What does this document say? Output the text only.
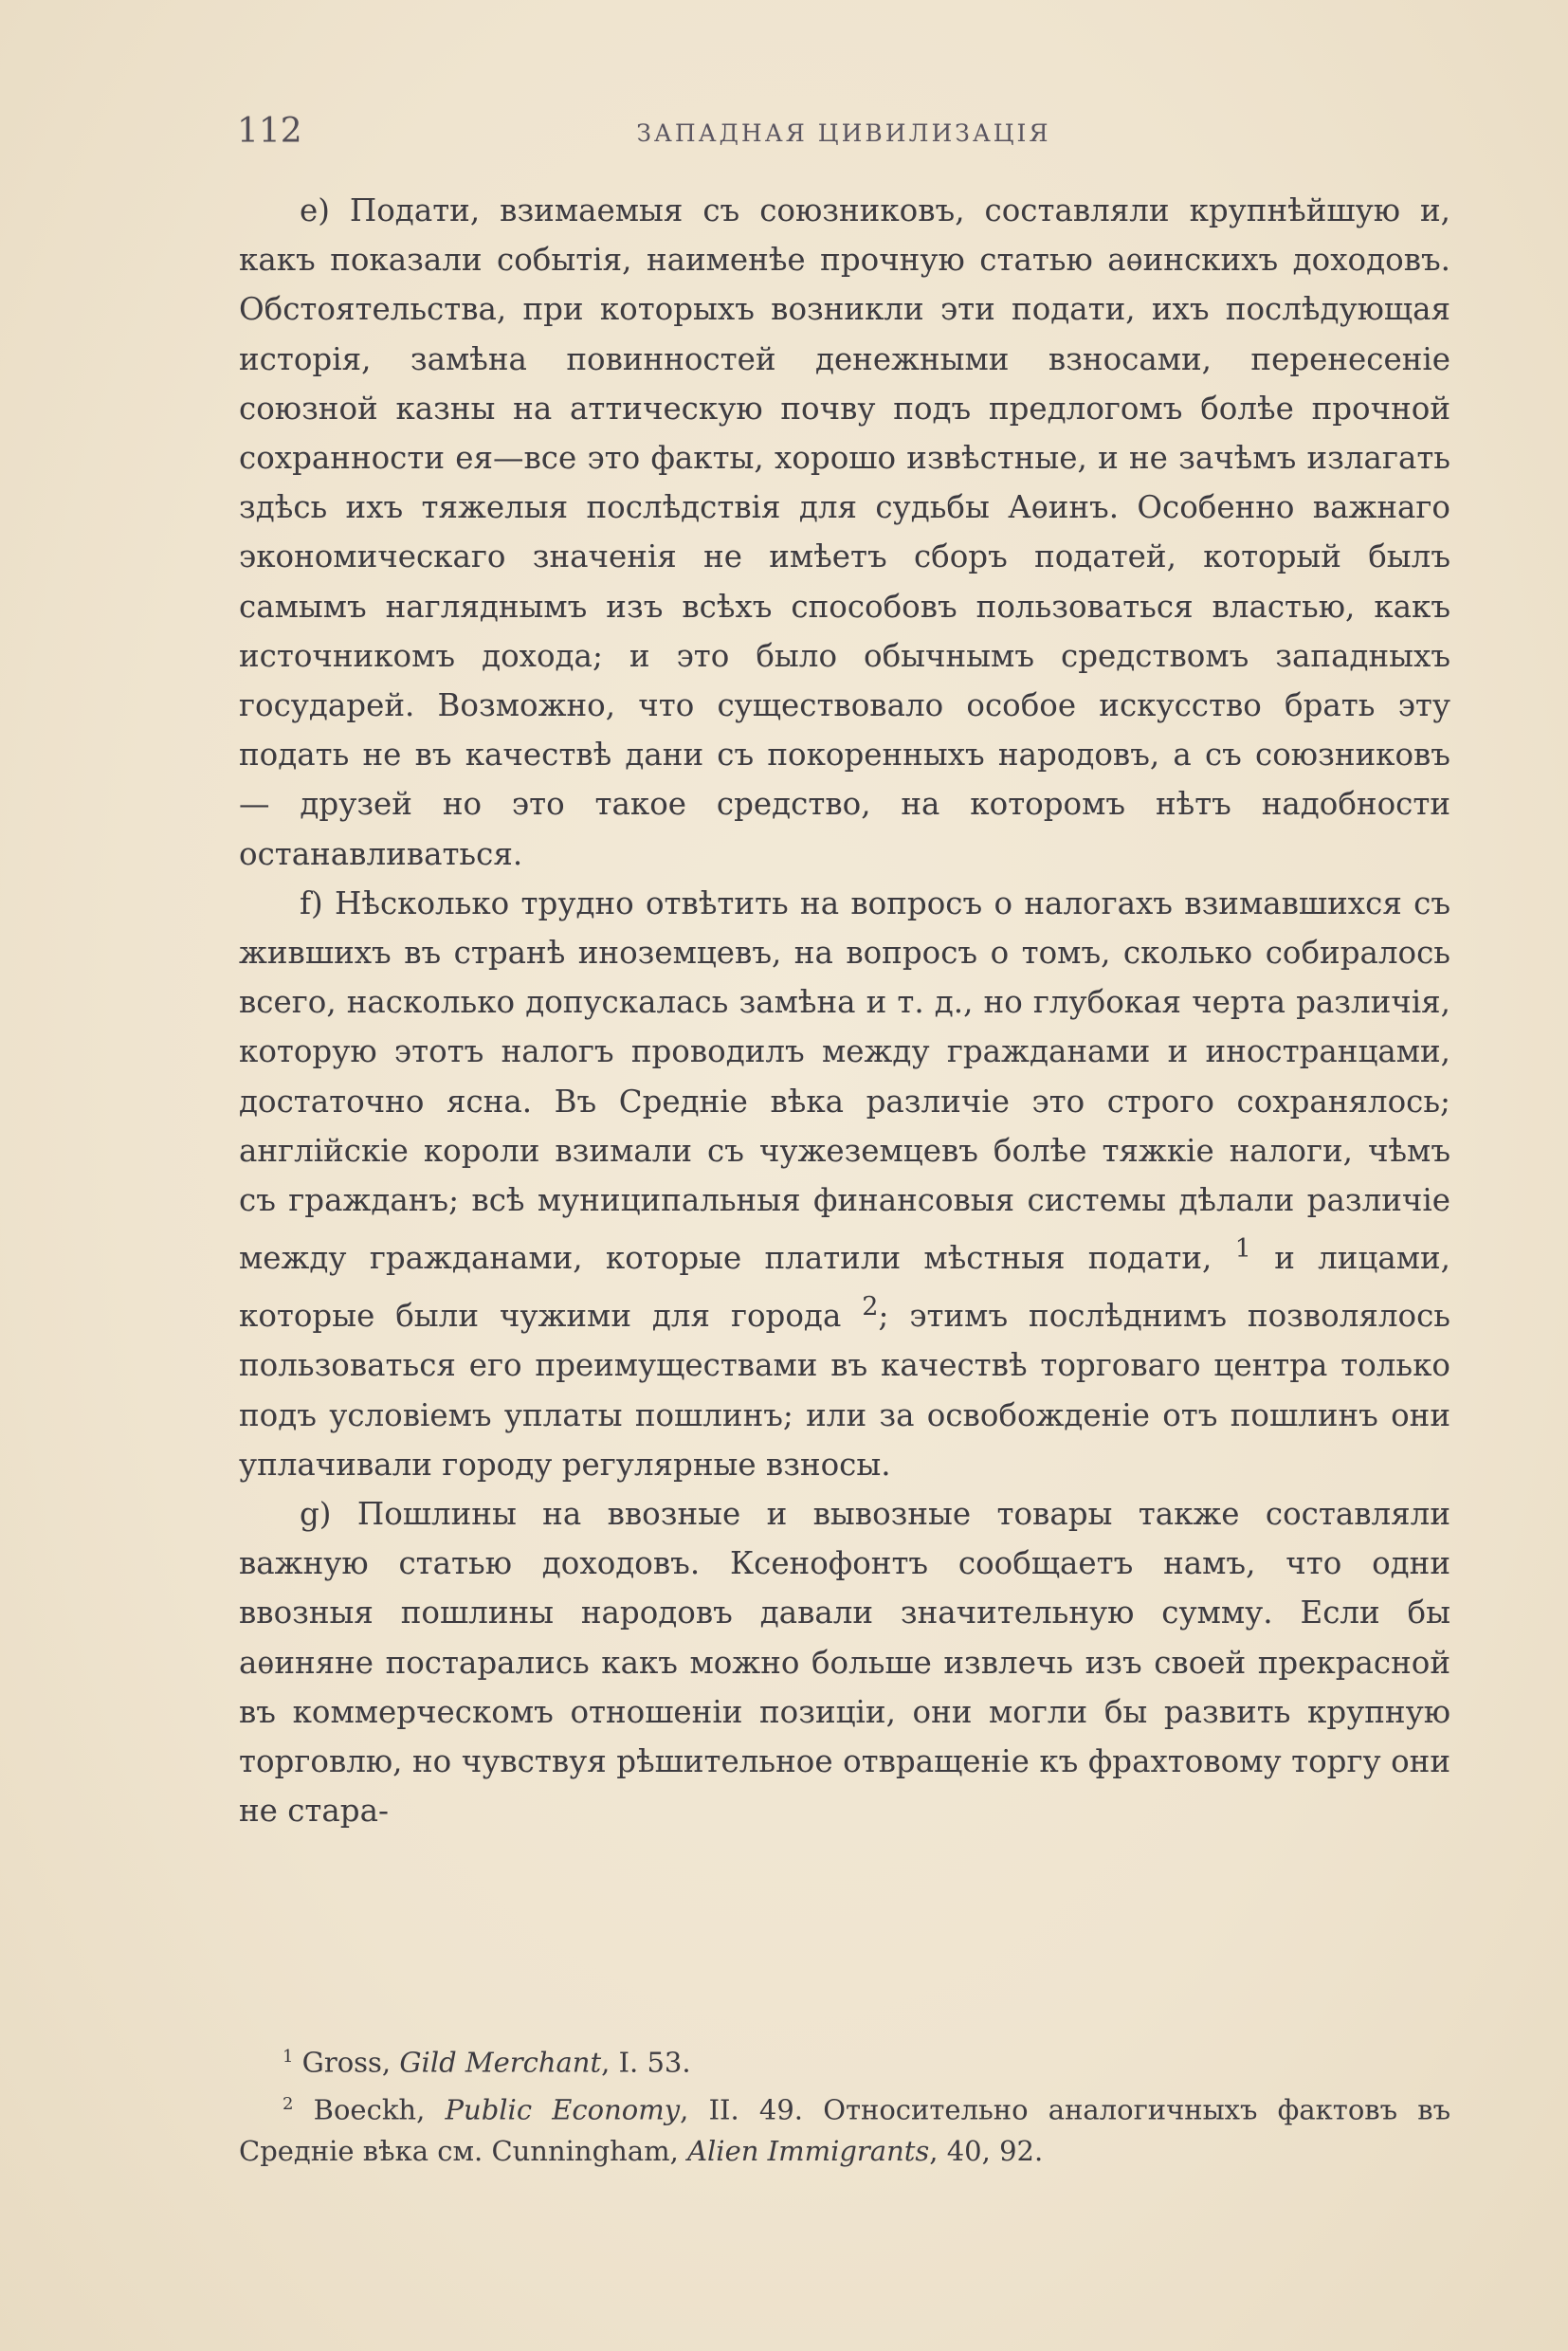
112	ЗАПАДНАЯ ЦИВИЛИЗАЦІЯ

e) Подати, взимаемыя съ союзниковъ, составляли крупнѣйшую и, какъ показали событія, наименѣе прочную статью аѳинскихъ доходовъ. Обстоятельства, при которыхъ возникли эти подати, ихъ послѣдующая исторія, замѣна повинностей денежными взносами, перенесеніе союзной казны на аттическую почву подъ предлогомъ болѣе прочной сохранности ея—все это факты, хорошо извѣстные, и не зачѣмъ излагать здѣсь ихъ тяжелыя послѣдствія для судьбы Аѳинъ. Особенно важнаго экономическаго значенія не имѣетъ сборъ податей, который былъ самымъ нагляднымъ изъ всѣхъ способовъ пользоваться властью, какъ источникомъ дохода; и это было обычнымъ средствомъ западныхъ государей. Возможно, что существовало особое искусство брать эту подать не въ качествѣ дани съ покоренныхъ народовъ, а съ союзниковъ — друзей но это такое средство, на которомъ нѣтъ надобности останавливаться.

f) Нѣсколько трудно отвѣтить на вопросъ о налогахъ взимавшихся съ жившихъ въ странѣ иноземцевъ, на вопросъ о томъ, сколько собиралось всего, насколько допускалась замѣна и т. д., но глубокая черта различія, которую этотъ налогъ проводилъ между гражданами и иностранцами, достаточно ясна. Въ Средніе вѣка различіе это строго сохранялось; англійскіе короли взимали съ чужеземцевъ болѣе тяжкіе налоги, чѣмъ съ гражданъ; всѣ муниципальныя финансовыя системы дѣлали различіе между гражданами, которые платили мѣстныя подати, $^1$ и лицами, которые были чужими для города $^2$; этимъ послѣднимъ позволялось пользоваться его преимуществами въ качествѣ торговаго центра только подъ условіемъ уплаты пошлинъ; или за освобожденіе отъ пошлинъ они уплачивали городу регулярные взносы.

g) Пошлины на ввозные и вывозные товары также составляли важную статью доходовъ. Ксенофонтъ сообщаетъ намъ, что одни ввозныя пошлины народовъ давали значительную сумму. Если бы аѳиняне постарались какъ можно больше извлечь изъ своей прекрасной въ коммерческомъ отношеніи позиціи, они могли бы развить крупную торговлю, но чувствуя рѣшительное отвращеніе къ фрахтовому торгу они не стара-

$^1$ Gross, Gild Merchant, I. 53.

$^2$ Boeckh, Public Economy, II. 49. Относительно аналогичныхъ фактовъ въ Средніе вѣка см. Cunningham, Alien Immigrants, 40, 92.
